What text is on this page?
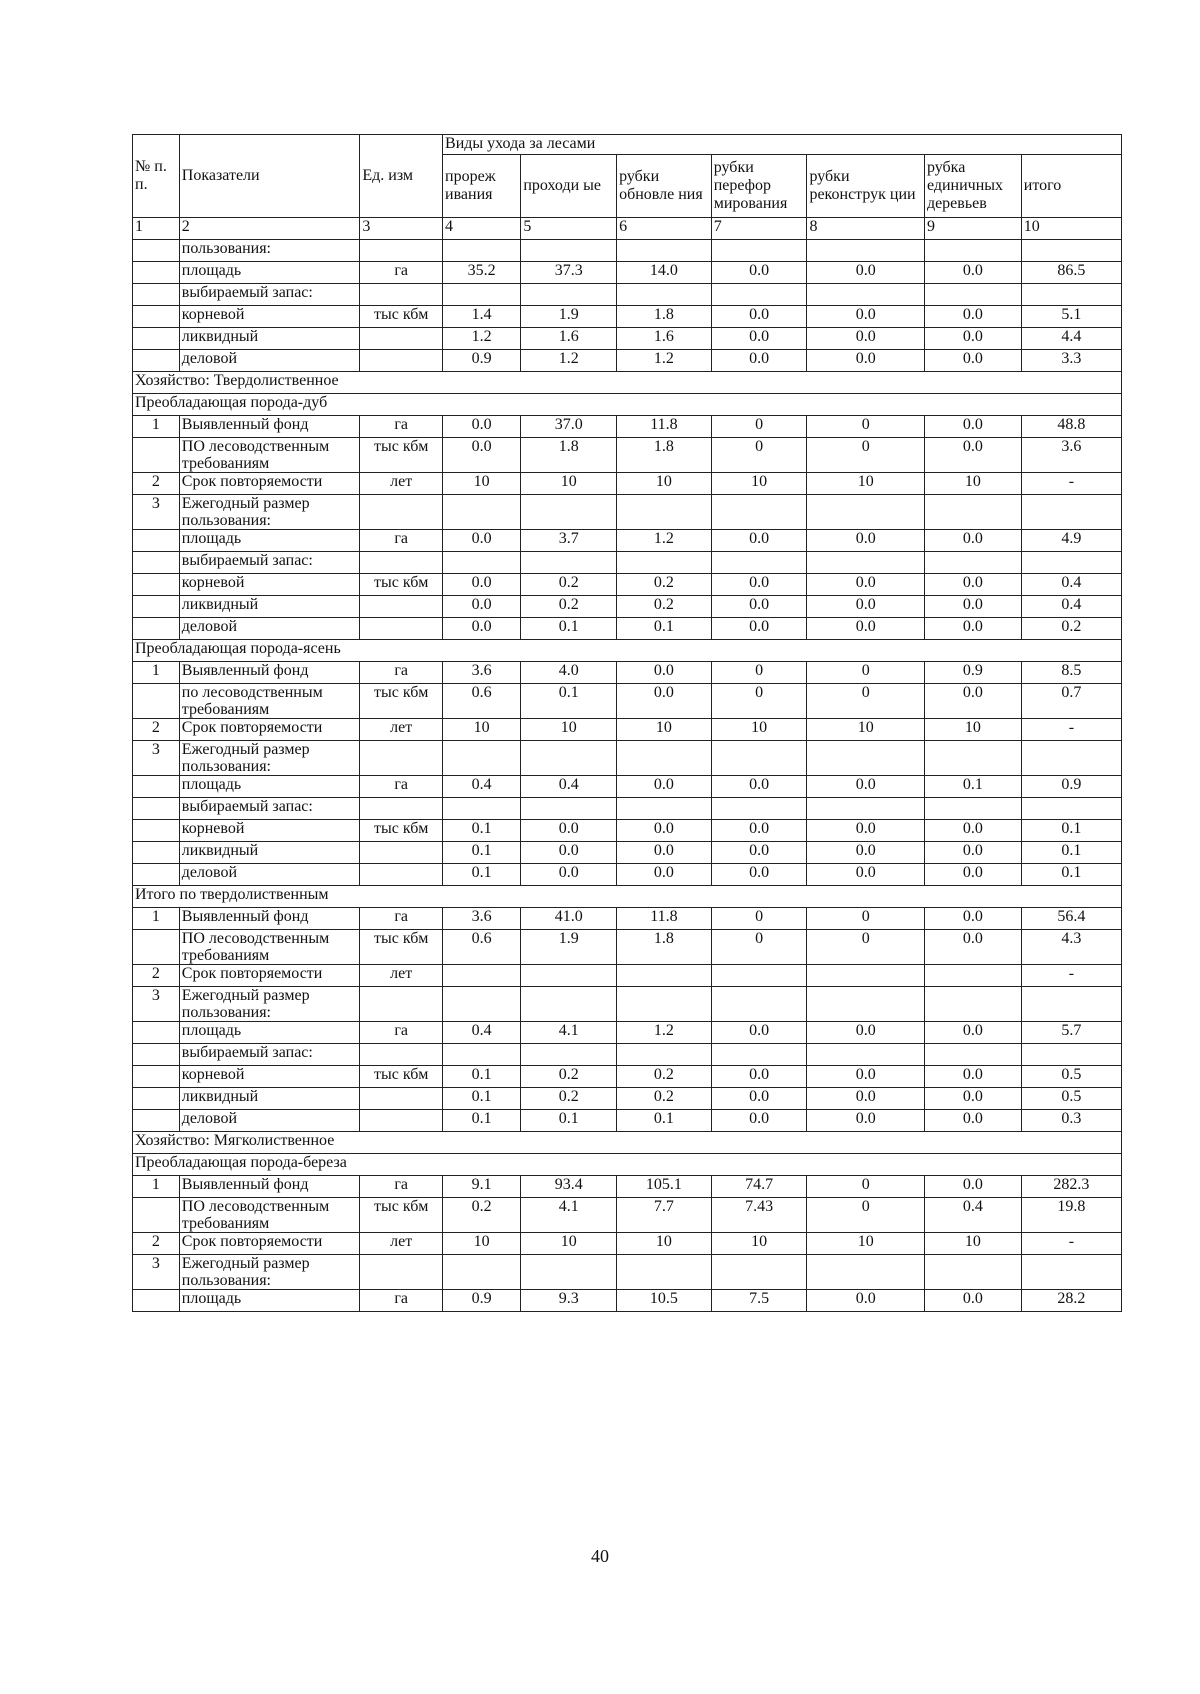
№ п. п.	Показатели	Ед. изм	Виды ухода за лесами						
			прореж ивания	проходи ые	рубки обновле ния	рубки перефор мирования	рубки реконструк ции	рубка единичных деревьев	итого
1	2	3	4	5	6	7	8	9	10
	пользования:								
	площадь	га	35.2	37.3	14.0	0.0	0.0	0.0	86.5
	выбираемый запас:								
	корневой	тыс кбм	1.4	1.9	1.8	0.0	0.0	0.0	5.1
	ликвидный		1.2	1.6	1.6	0.0	0.0	0.0	4.4
	деловой		0.9	1.2	1.2	0.0	0.0	0.0	3.3
Хозяйство: Твердолиственное									
Преобладающая порода-дуб									
1	Выявленный фонд	га	0.0	37.0	11.8	0	0	0.0	48.8
	ПО лесоводственным требованиям	тыс кбм	0.0	1.8	1.8	0	0	0.0	3.6
2	Срок повторяемости	лет	10	10	10	10	10	10	-
3	Ежегодный размер пользования:								
	площадь	га	0.0	3.7	1.2	0.0	0.0	0.0	4.9
	выбираемый запас:								
	корневой	тыс кбм	0.0	0.2	0.2	0.0	0.0	0.0	0.4
	ликвидный		0.0	0.2	0.2	0.0	0.0	0.0	0.4
	деловой		0.0	0.1	0.1	0.0	0.0	0.0	0.2
Преобладающая порода-ясень									
1	Выявленный фонд	га	3.6	4.0	0.0	0	0	0.9	8.5
	по лесоводственным требованиям	тыс кбм	0.6	0.1	0.0	0	0	0.0	0.7
2	Срок повторяемости	лет	10	10	10	10	10	10	-
3	Ежегодный размер пользования:								
	площадь	га	0.4	0.4	0.0	0.0	0.0	0.1	0.9
	выбираемый запас:								
	корневой	тыс кбм	0.1	0.0	0.0	0.0	0.0	0.0	0.1
	ликвидный		0.1	0.0	0.0	0.0	0.0	0.0	0.1
	деловой		0.1	0.0	0.0	0.0	0.0	0.0	0.1
Итого по твердолиственным									
1	Выявленный фонд	га	3.6	41.0	11.8	0	0	0.0	56.4
	ПО лесоводственным требованиям	тыс кбм	0.6	1.9	1.8	0	0	0.0	4.3
2	Срок повторяемости	лет							-
3	Ежегодный размер пользования:								
	площадь	га	0.4	4.1	1.2	0.0	0.0	0.0	5.7
	выбираемый запас:								
	корневой	тыс кбм	0.1	0.2	0.2	0.0	0.0	0.0	0.5
	ликвидный		0.1	0.2	0.2	0.0	0.0	0.0	0.5
	деловой		0.1	0.1	0.1	0.0	0.0	0.0	0.3
Хозяйство: Мягколиственное									
Преобладающая порода-береза									
1	Выявленный фонд	га	9.1	93.4	105.1	74.7	0	0.0	282.3
	ПО лесоводственным требованиям	тыс кбм	0.2	4.1	7.7	7.43	0	0.4	19.8
2	Срок повторяемости	лет	10	10	10	10	10	10	-
3	Ежегодный размер пользования:								
	площадь	га	0.9	9.3	10.5	7.5	0.0	0.0	28.2
40
